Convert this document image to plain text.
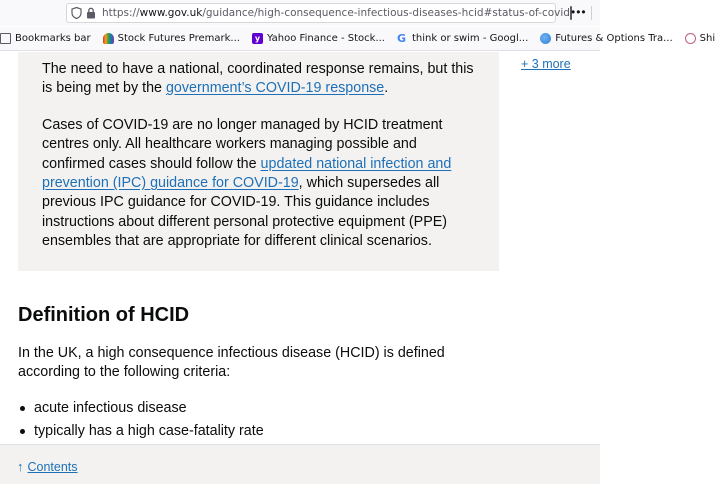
https://www.gov.uk/guidance/high-consequence-infectious-diseases-hcid#status-of-covid •••
Bookmarks bar	Stock Futures Premark...	y Yahoo Finance - Stock... G think or swim - Googl...	Futures & Options Tra...	Shi

The need to have a national, coordinated response remains, but this is being met by the government’s COVID-19 response.

Cases of COVID-19 are no longer managed by HCID treatment centres only. All healthcare workers managing possible and confirmed cases should follow the updated national infection and prevention (IPC) guidance for COVID-19, which supersedes all previous IPC guidance for COVID-19. This guidance includes instructions about different personal protective equipment (PPE) ensembles that are appropriate for different clinical scenarios.

+ 3 more
Definition of HCID

In the UK, a high consequence infectious disease (HCID) is defined according to the following criteria:

acute infectious disease
typically has a high case-fatality rate
↑ Contents
